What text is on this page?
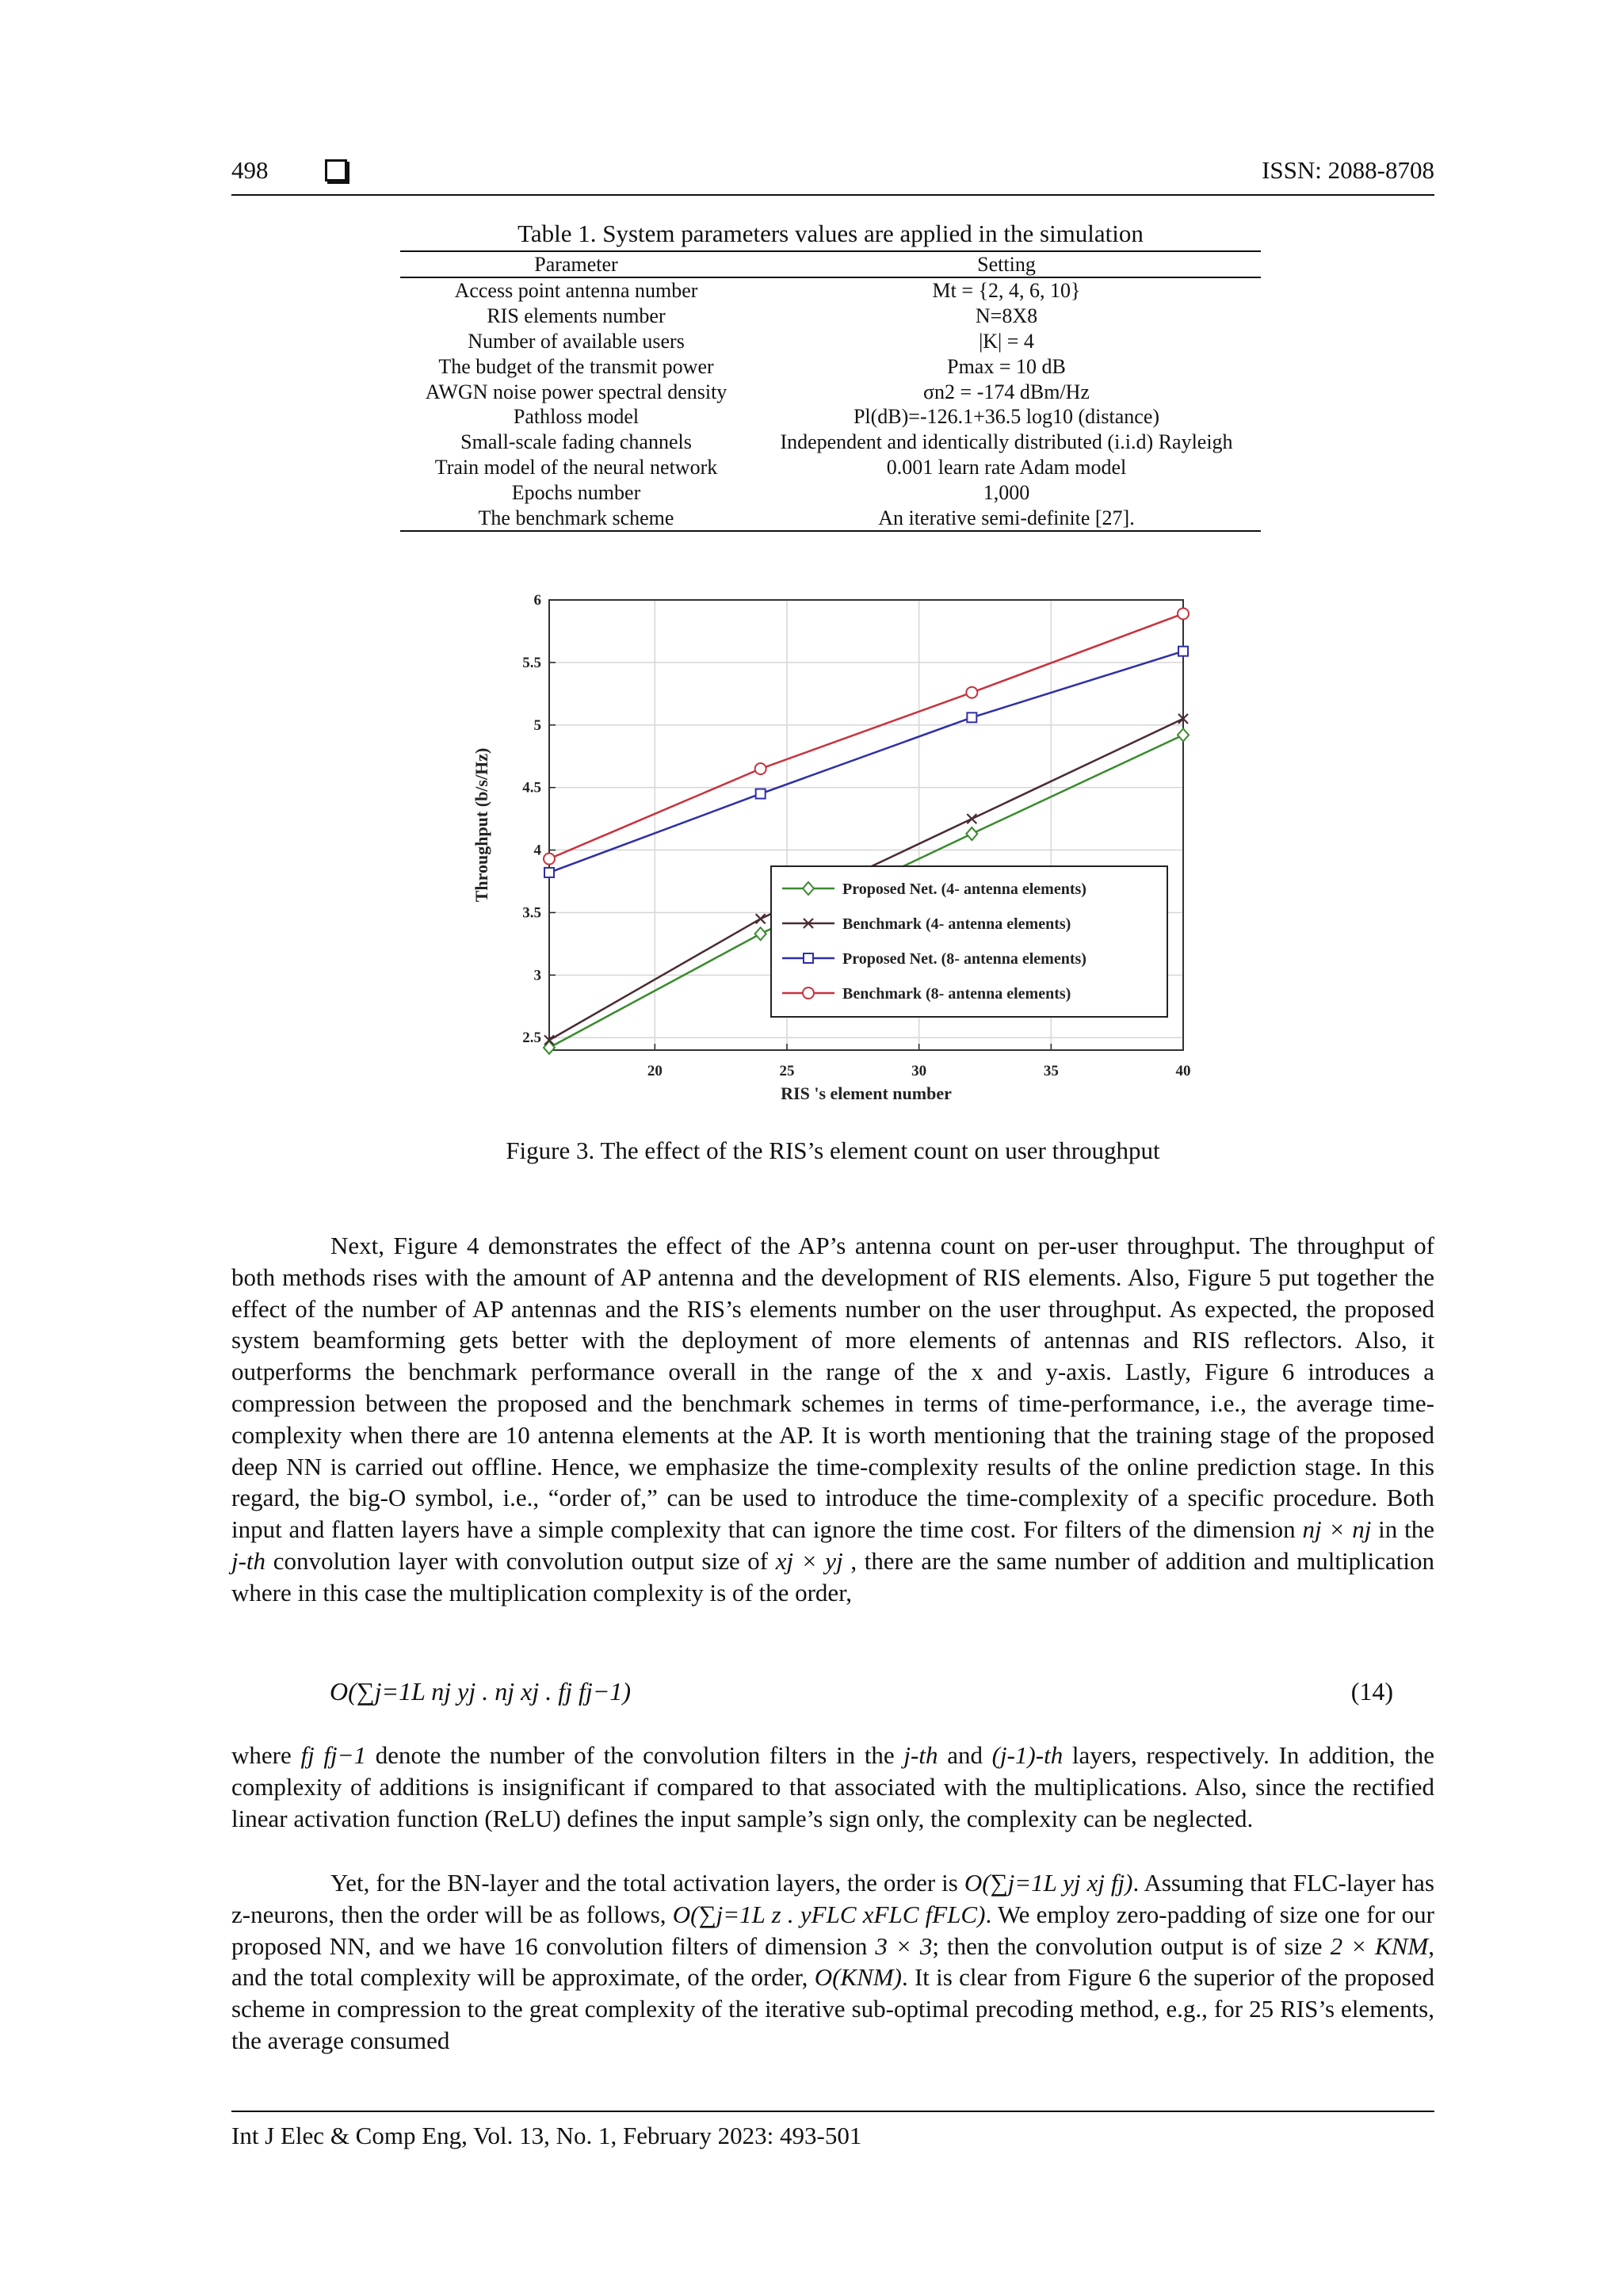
498	ISSN: 2088-8708
Table 1. System parameters values are applied in the simulation
Parameter	Setting
Access point antenna number	Mt = {2, 4, 6, 10}
RIS elements number	N=8X8
Number of available users	|K| = 4
The budget of the transmit power	Pmax = 10 dB
AWGN noise power spectral density	σn2 = -174 dBm/Hz
Pathloss model	Pl(dB)=-126.1+36.5 log10 (distance)
Small-scale fading channels	Independent and identically distributed (i.i.d) Rayleigh
Train model of the neural network	0.001 learn rate Adam model
Epochs number	1,000
The benchmark scheme	An iterative semi-definite [27].
20	25	30	35	40
2.5
3
3.5
4
4.5
5
5.5
6
Proposed Net. (4- antenna elements)
Benchmark (4- antenna elements)
Proposed Net. (8- antenna elements)
Benchmark (8- antenna elements)
RIS 's element number
Throughput (b/s/Hz)
Figure 3. The effect of the RIS’s element count on user throughput

Next, Figure 4 demonstrates the effect of the AP’s antenna count on per-user throughput. The throughput of both methods rises with the amount of AP antenna and the development of RIS elements. Also, Figure 5 put together the effect of the number of AP antennas and the RIS’s elements number on the user throughput. As expected, the proposed system beamforming gets better with the deployment of more elements of antennas and RIS reflectors. Also, it outperforms the benchmark performance overall in the range of the x and y-axis. Lastly, Figure 6 introduces a compression between the proposed and the benchmark schemes in terms of time-performance, i.e., the average time-complexity when there are 10 antenna elements at the AP. It is worth mentioning that the training stage of the proposed deep NN is carried out offline. Hence, we emphasize the time-complexity results of the online prediction stage. In this regard, the big-O symbol, i.e., “order of,” can be used to introduce the time-complexity of a specific procedure. Both input and flatten layers have a simple complexity that can ignore the time cost. For filters of the dimension nj × nj in the j-th convolution layer with convolution output size of xj × yj , there are the same number of addition and multiplication where in this case the multiplication complexity is of the order,

O(∑j=1L nj yj . nj xj . fj fj−1)	(14)

where fj fj−1 denote the number of the convolution filters in the j-th and (j-1)-th layers, respectively. In addition, the complexity of additions is insignificant if compared to that associated with the multiplications. Also, since the rectified linear activation function (ReLU) defines the input sample’s sign only, the complexity can be neglected.

Yet, for the BN-layer and the total activation layers, the order is O(∑j=1L yj xj fj). Assuming that FLC-layer has z-neurons, then the order will be as follows, O(∑j=1L z . yFLC xFLC fFLC). We employ zero-padding of size one for our proposed NN, and we have 16 convolution filters of dimension 3 × 3; then the convolution output is of size 2 × KNM, and the total complexity will be approximate, of the order, O(KNM). It is clear from Figure 6 the superior of the proposed scheme in compression to the great complexity of the iterative sub-optimal precoding method, e.g., for 25 RIS’s elements, the average consumed

Int J Elec & Comp Eng, Vol. 13, No. 1, February 2023: 493-501
